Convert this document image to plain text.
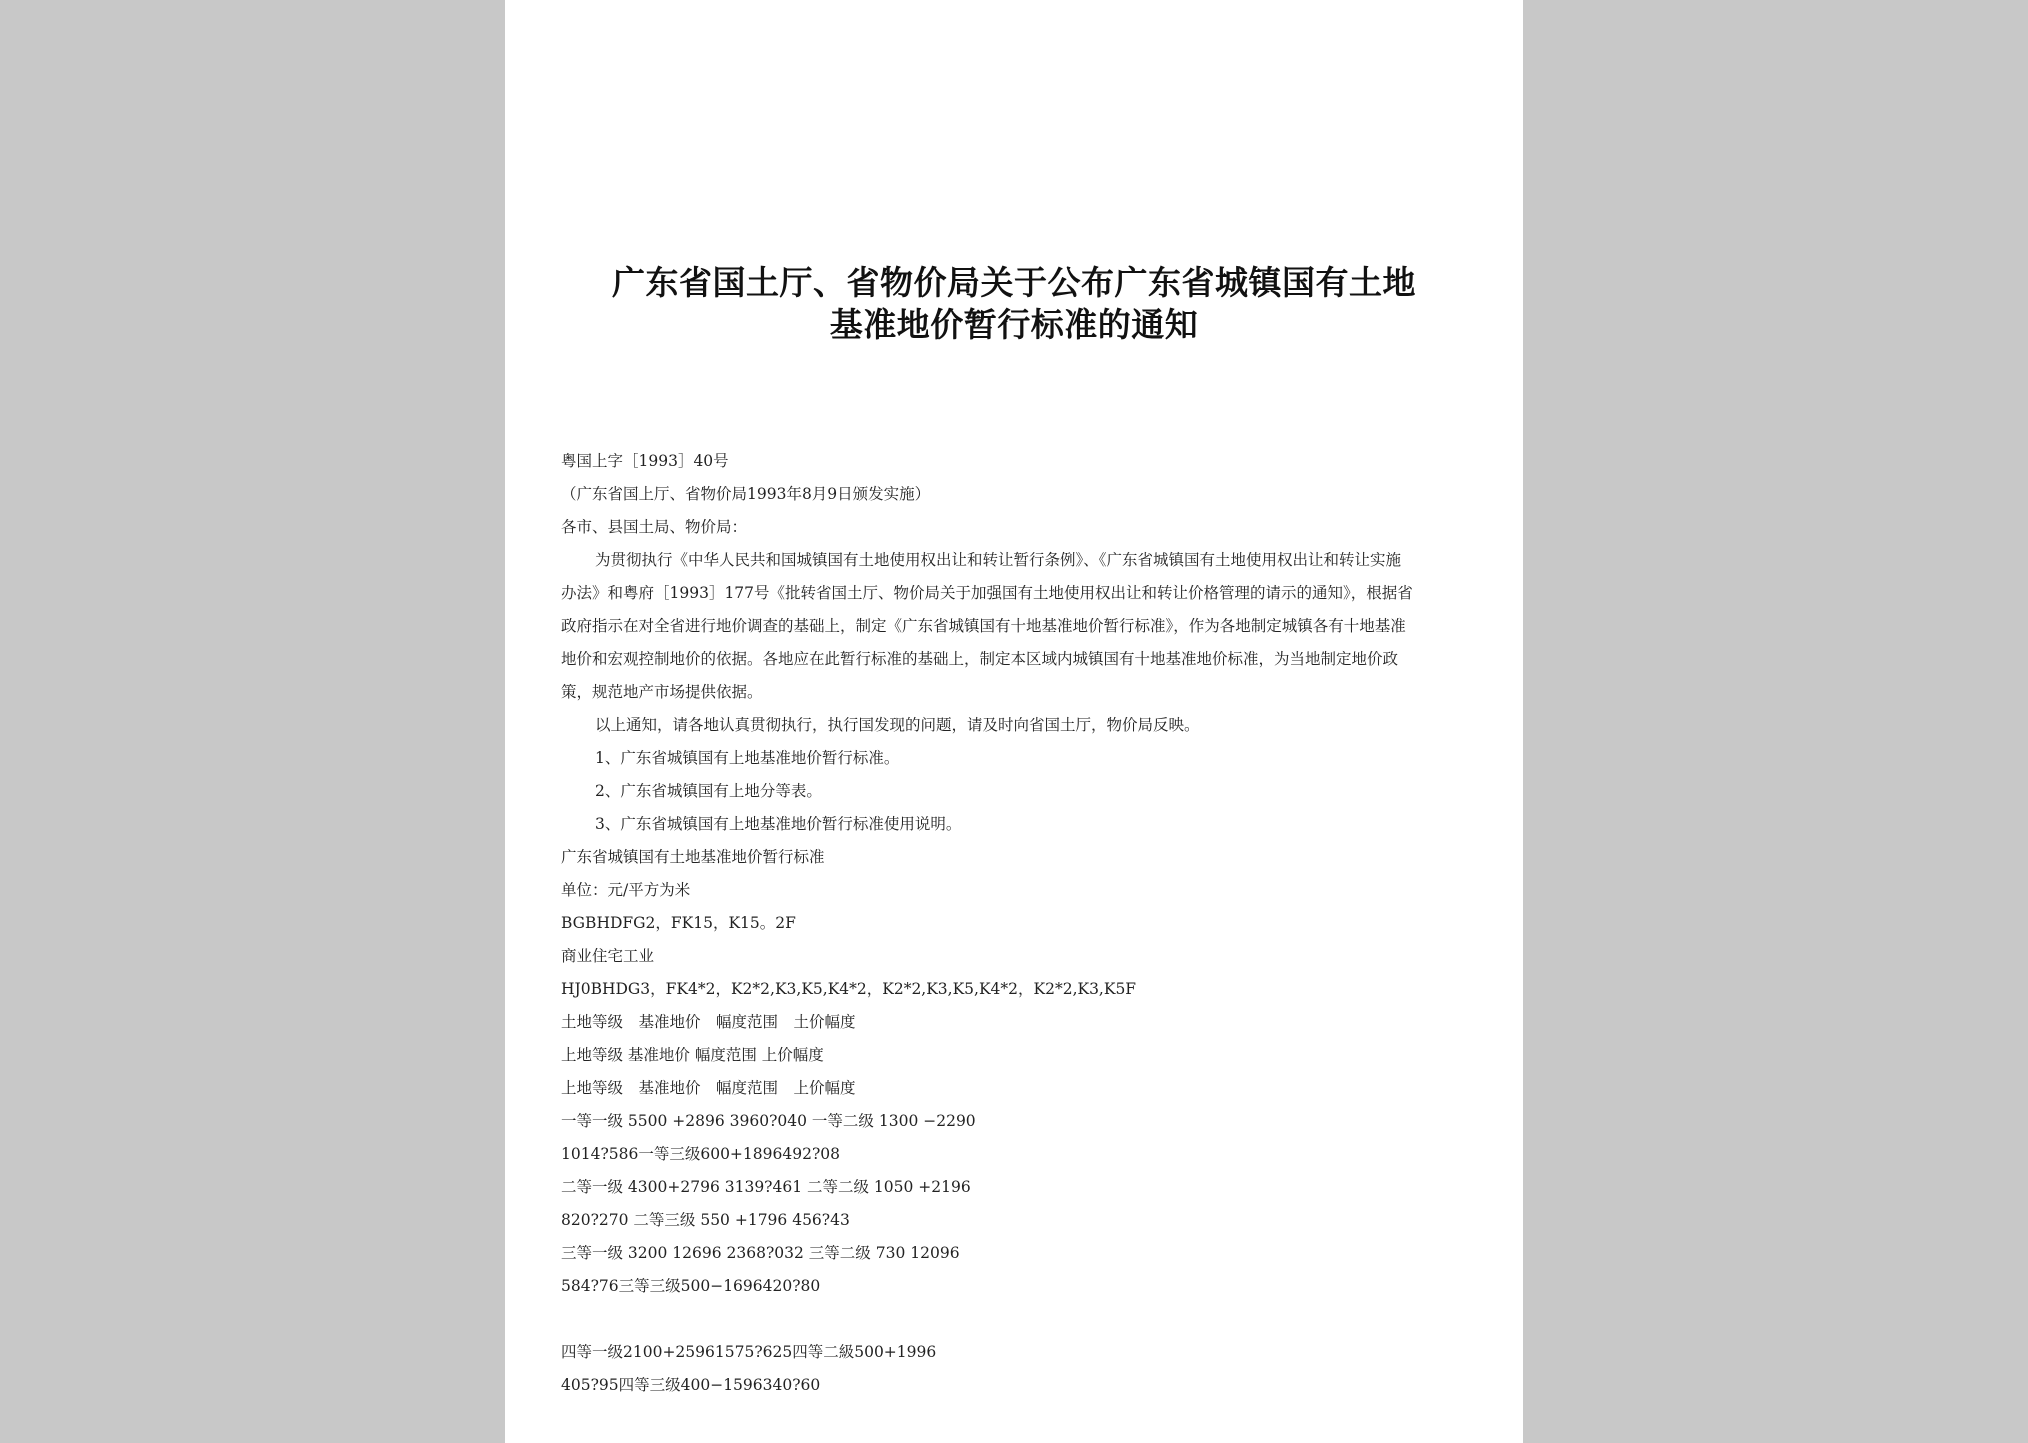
广东省国土厅、省物价局关于公布广东省城镇国有土地
基准地价暂行标准的通知
粤国上字［1993］40号
（广东省国上厅、省物价局1993年8月9日颁发实施）
各市、县国土局、物价局：
为贯彻执行《中华人民共和国城镇国有土地使用权出让和转让暂行条例》、《广东省城镇国有土地使用权出让和转让实施
办法》和粤府［1993］177号《批转省国土厅、物价局关于加强国有土地使用权出让和转让价格管理的请示的通知》，根据省
政府指示在对全省进行地价调查的基础上，制定《广东省城镇国有十地基准地价暂行标准》，作为各地制定城镇各有十地基准
地价和宏观控制地价的依据。各地应在此暂行标准的基础上，制定本区域内城镇国有十地基准地价标准，为当地制定地价政
策，规范地产市场提供依据。
以上通知，请各地认真贯彻执行，执行国发现的问题，请及时向省国土厅，物价局反映。
1、广东省城镇国有上地基准地价暂行标准。
2、广东省城镇国有上地分等表。
3、广东省城镇国有上地基准地价暂行标准使用说明。
广东省城镇国有土地基准地价暂行标准
单位：元/平方为米
BGBHDFG2，FK15，K15。2F
商业住宅工业
HJ0BHDG3，FK4*2，K2*2,K3,K5,K4*2，K2*2,K3,K5,K4*2，K2*2,K3,K5F
土地等级　基准地价　幅度范围　土价幅度
上地等级 基准地价 幅度范围 上价幅度
上地等级　基准地价　幅度范围　上价幅度
一等一级 5500 +2896 3960?040 一等二级 1300 −2290
1014?586一等三级600+1896492?08
二等一级 4300+2796 3139?461 二等二级 1050 +2196
820?270 二等三级 550 +1796 456?43
三等一级 3200 12696 2368?032 三等二级 730 12096
584?76三等三级500−1696420?80
四等一级2100+25961575?625四等二級500+1996
405?95四等三级400−1596340?60
